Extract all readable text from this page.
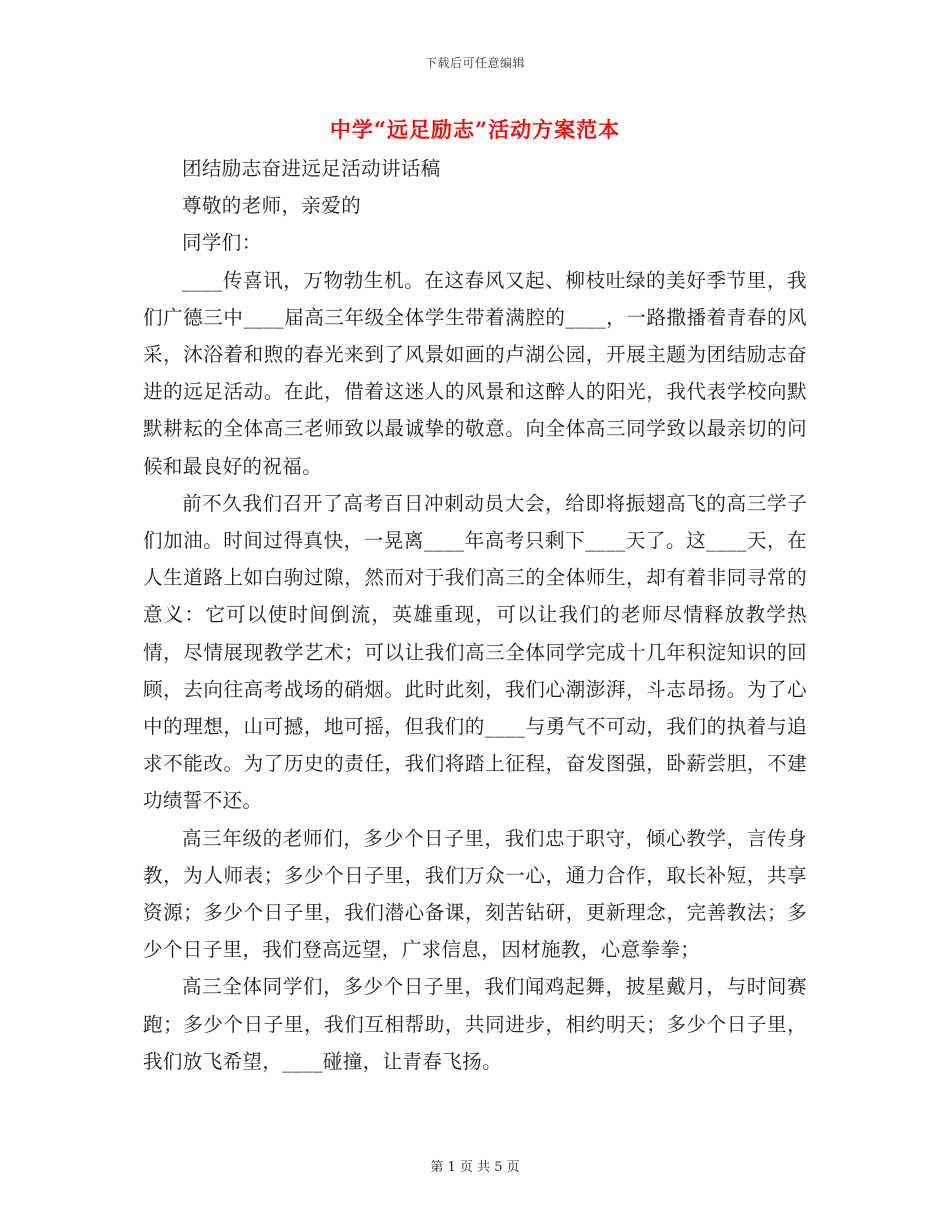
下载后可任意编辑
中学“远足励志”活动方案范本

团结励志奋进远足活动讲话稿

尊敬的老师，亲爱的

同学们：

____传喜讯，万物勃生机。在这春风又起、柳枝吐绿的美好季节里，我们广德三中____届高三年级全体学生带着满腔的____，一路撒播着青春的风采，沐浴着和煦的春光来到了风景如画的卢湖公园，开展主题为团结励志奋进的远足活动。在此，借着这迷人的风景和这醉人的阳光，我代表学校向默默耕耘的全体高三老师致以最诚挚的敬意。向全体高三同学致以最亲切的问候和最良好的祝福。

前不久我们召开了高考百日冲刺动员大会，给即将振翅高飞的高三学子们加油。时间过得真快，一晃离____年高考只剩下____天了。这____天，在人生道路上如白驹过隙，然而对于我们高三的全体师生，却有着非同寻常的意义：它可以使时间倒流，英雄重现，可以让我们的老师尽情释放教学热情，尽情展现教学艺术；可以让我们高三全体同学完成十几年积淀知识的回顾，去向往高考战场的硝烟。此时此刻，我们心潮澎湃，斗志昂扬。为了心中的理想，山可撼，地可摇，但我们的____与勇气不可动，我们的执着与追求不能改。为了历史的责任，我们将踏上征程，奋发图强，卧薪尝胆，不建功绩誓不还。

高三年级的老师们，多少个日子里，我们忠于职守，倾心教学，言传身教，为人师表；多少个日子里，我们万众一心，通力合作，取长补短，共享资源；多少个日子里，我们潜心备课，刻苦钻研，更新理念，完善教法；多少个日子里，我们登高远望，广求信息，因材施教，心意拳拳；

高三全体同学们，多少个日子里，我们闻鸡起舞，披星戴月，与时间赛跑；多少个日子里，我们互相帮助，共同进步，相约明天；多少个日子里，我们放飞希望，____碰撞，让青春飞扬。

第 1 页 共 5 页
